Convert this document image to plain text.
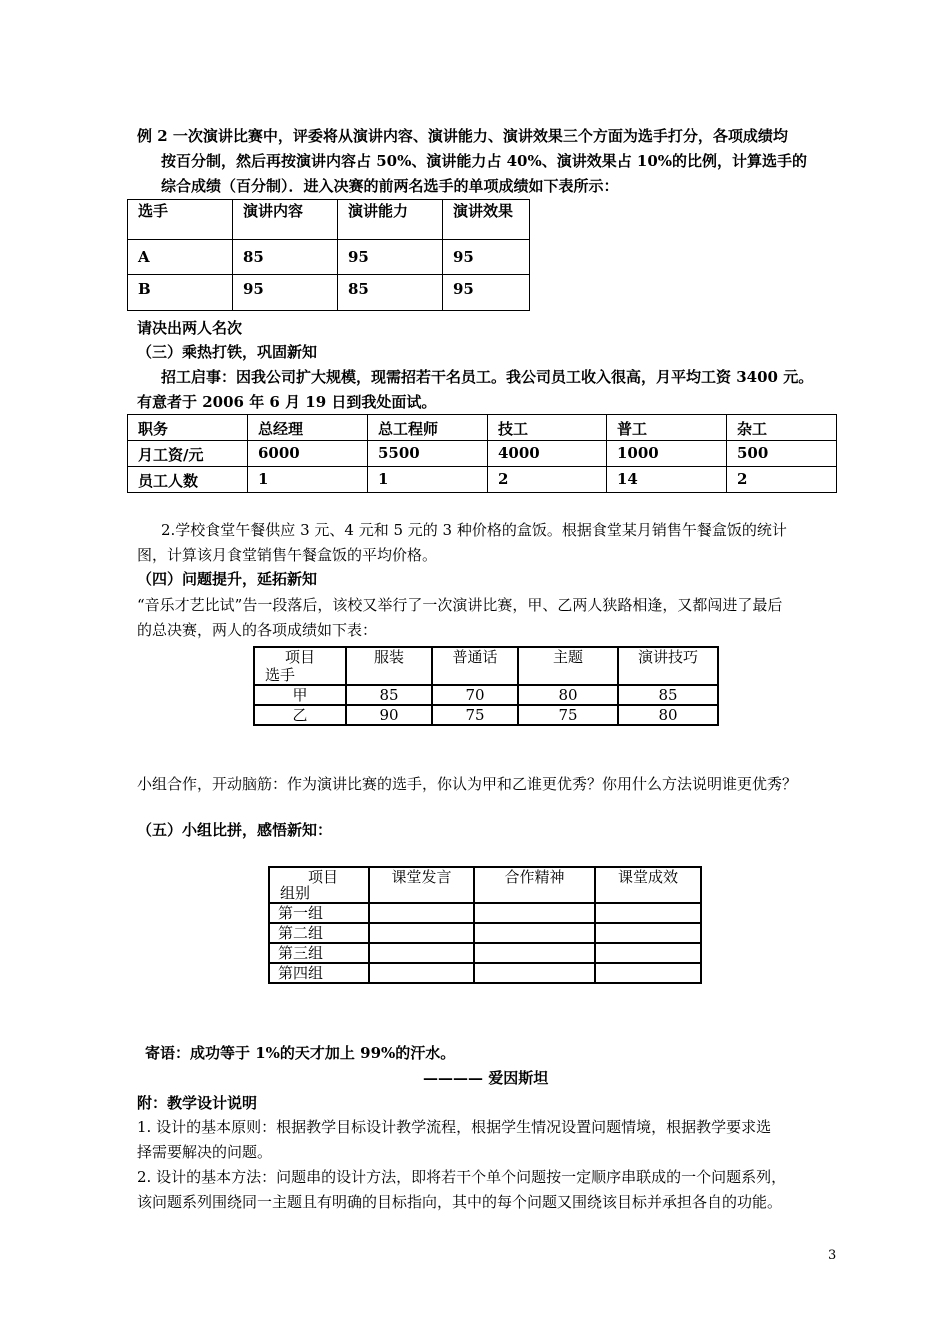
例 2 一次演讲比赛中，评委将从演讲内容、演讲能力、演讲效果三个方面为选手打分，各项成绩均
按百分制，然后再按演讲内容占 50%、演讲能力占 40%、演讲效果占 10%的比例，计算选手的
综合成绩（百分制）．进入决赛的前两名选手的单项成绩如下表所示：
选手	演讲内容	演讲能力	演讲效果
A	85	95	95
B	95	85	95
请决出两人名次
（三）乘热打铁，巩固新知
招工启事：因我公司扩大规模，现需招若干名员工。我公司员工收入很高，月平均工资 3400 元。
有意者于 2006 年 6 月 19 日到我处面试。
职务	总经理	总工程师	技工	普工	杂工
月工资/元	6000	5500	4000	1000	500
员工人数	1	1	2	14	2
2.学校食堂午餐供应 3 元、4 元和 5 元的 3 种价格的盒饭。根据食堂某月销售午餐盒饭的统计
图，计算该月食堂销售午餐盒饭的平均价格。
（四）问题提升，延拓新知
“音乐才艺比试”告一段落后，该校又举行了一次演讲比赛，甲、乙两人狭路相逢，又都闯进了最后
的总决赛，两人的各项成绩如下表：
项目
选手	服装	普通话	主题	演讲技巧
甲	85	70	80	85
乙	90	75	75	80
小组合作，开动脑筋：作为演讲比赛的选手，你认为甲和乙谁更优秀？你用什么方法说明谁更优秀？
（五）小组比拼，感悟新知：
项目
组别	课堂发言	合作精神	课堂成效
第一组			
第二组			
第三组			
第四组			
寄语：成功等于 1%的天才加上 99%的汗水。
———— 爱因斯坦
附：教学设计说明
1. 设计的基本原则：根据教学目标设计教学流程，根据学生情况设置问题情境，根据教学要求选
择需要解决的问题。
2. 设计的基本方法：问题串的设计方法，即将若干个单个问题按一定顺序串联成的一个问题系列，
该问题系列围绕同一主题且有明确的目标指向，其中的每个问题又围绕该目标并承担各自的功能。
3
